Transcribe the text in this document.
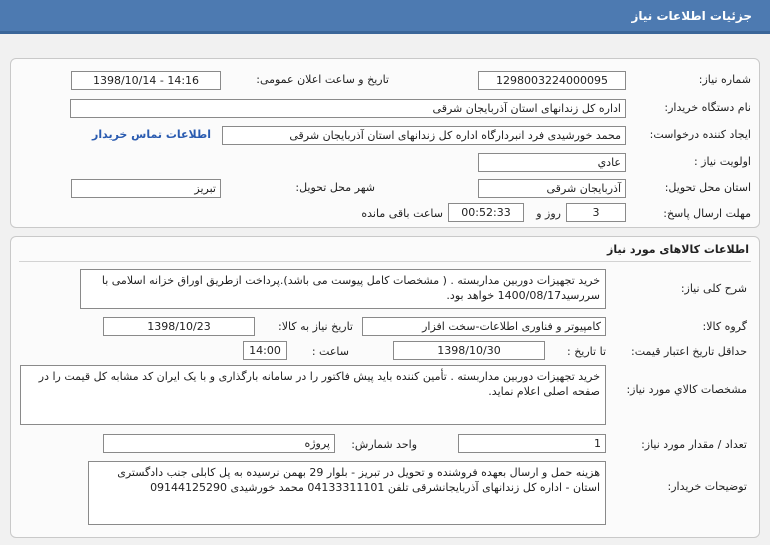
جزئیات اطلاعات نیاز
شماره نیاز:
1298003224000095
تاریخ و ساعت اعلان عمومی:
1398/10/14 - 14:16
نام دستگاه خریدار:
اداره کل زندانهای استان آذربایجان شرقی
ایجاد کننده درخواست:
محمد خورشیدی فرد انبردارگاه اداره کل زندانهای استان آذربایجان شرقی
اطلاعات تماس خریدار
اولویت نیاز :
عادي
استان محل تحویل:
آذربایجان شرقی
شهر محل تحویل:
تبریز
مهلت ارسال پاسخ:
3
روز و
00:52:33
ساعت باقی مانده
اطلاعات کالاهای مورد نیاز
شرح کلی نیاز:
خرید تجهیزات دوربین مداربسته . ( مشخصات کامل پیوست می باشد).پرداخت ازطریق اوراق خزانه اسلامی با سررسید1400/08/17 خواهد بود.
گروه کالا:
کامپیوتر و فناوری اطلاعات-سخت افزار
تاریخ نیاز به کالا:
1398/10/23
حداقل تاریخ اعتبار قیمت:
تا تاریخ :
1398/10/30
ساعت :
14:00
مشخصات کالاي مورد نياز:
خرید تجهیزات دوربین مداربسته . تأمین کننده باید پیش فاکتور را در سامانه بارگذاری و با یک ایران کد مشابه کل قیمت را در صفحه اصلی اعلام نماید.
تعداد / مقدار مورد نیاز:
1
واحد شمارش:
پروژه
توضیحات خریدار:
هزینه حمل و ارسال بعهده فروشنده و تحویل در تبریز - بلوار 29 بهمن نرسیده به پل کابلی جنب دادگستری استان - اداره کل زندانهای آذربایجانشرقی تلفن 04133311101 محمد خورشیدی 09144125290
